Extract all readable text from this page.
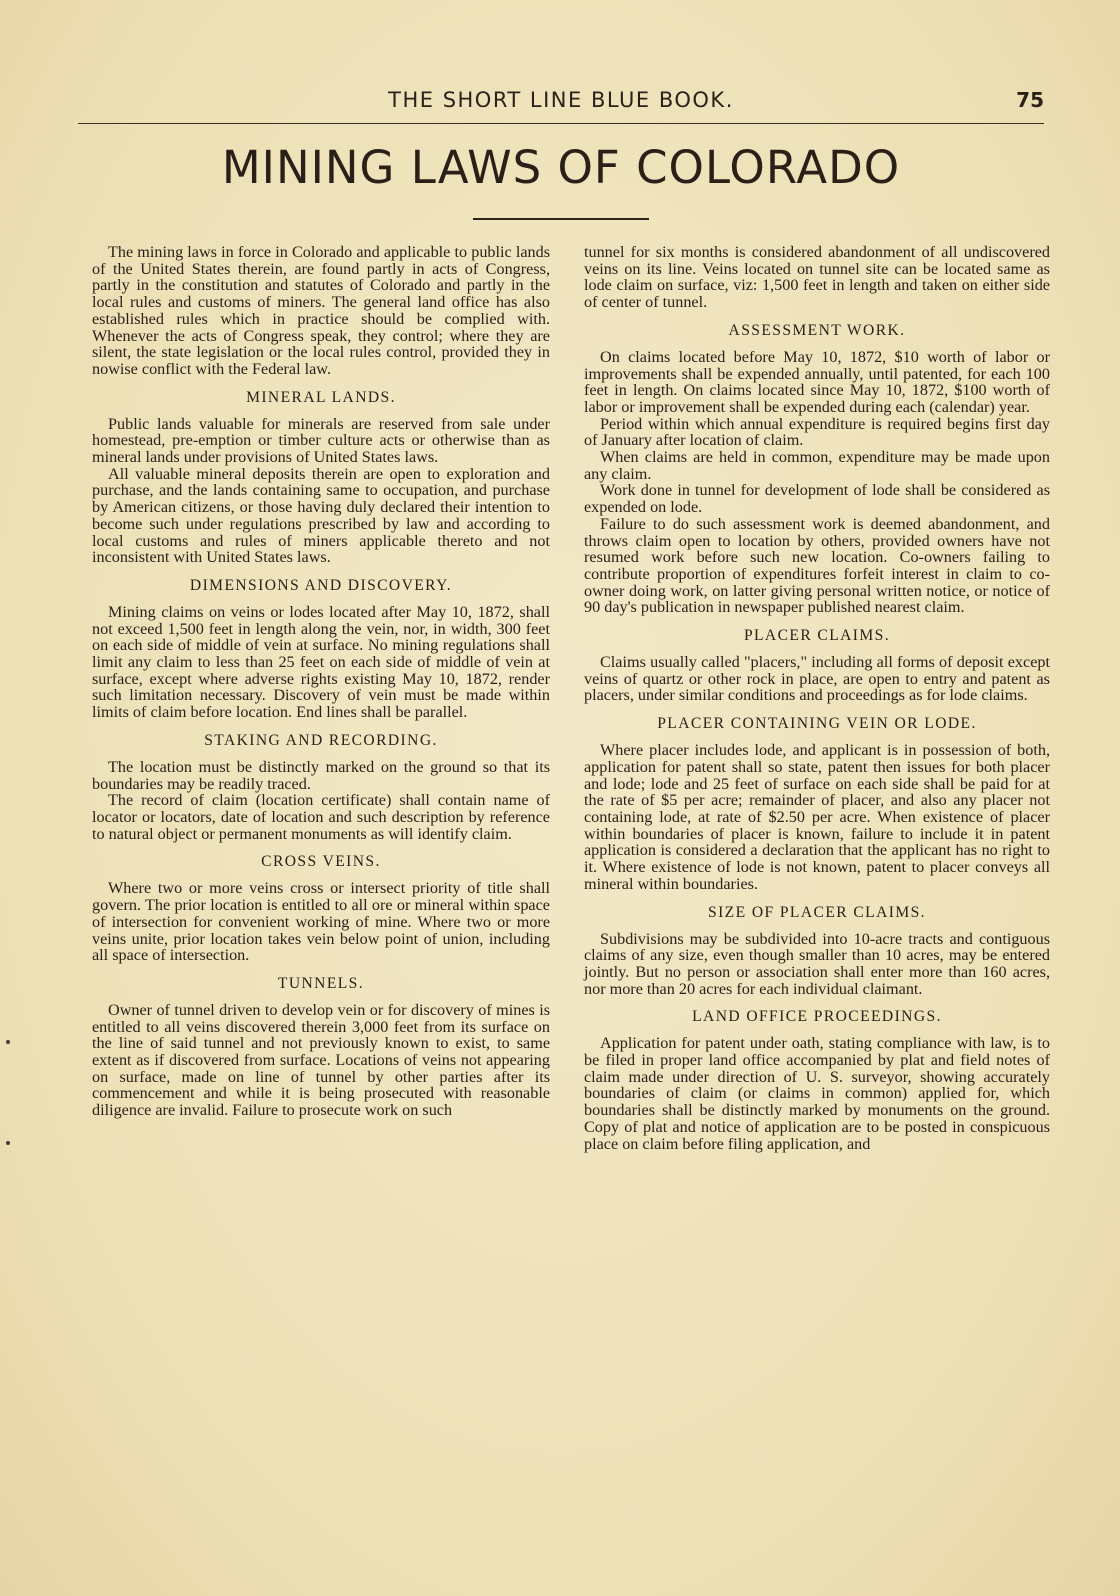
THE SHORT LINE BLUE BOOK.	75
MINING LAWS OF COLORADO

The mining laws in force in Colorado and applicable to public lands of the United States therein, are found partly in acts of Congress, partly in the constitution and statutes of Colorado and partly in the local rules and customs of miners. The general land office has also established rules which in practice should be complied with. Whenever the acts of Congress speak, they control; where they are silent, the state legislation or the local rules control, provided they in nowise conflict with the Federal law.

MINERAL LANDS.

Public lands valuable for minerals are reserved from sale under homestead, pre-emption or timber culture acts or otherwise than as mineral lands under provisions of United States laws.

All valuable mineral deposits therein are open to exploration and purchase, and the lands containing same to occupation, and purchase by American citizens, or those having duly declared their intention to become such under regulations prescribed by law and according to local customs and rules of miners applicable thereto and not inconsistent with United States laws.

DIMENSIONS AND DISCOVERY.

Mining claims on veins or lodes located after May 10, 1872, shall not exceed 1,500 feet in length along the vein, nor, in width, 300 feet on each side of middle of vein at surface. No mining regulations shall limit any claim to less than 25 feet on each side of middle of vein at surface, except where adverse rights existing May 10, 1872, render such limitation necessary. Discovery of vein must be made within limits of claim before location. End lines shall be parallel.

STAKING AND RECORDING.

The location must be distinctly marked on the ground so that its boundaries may be readily traced.

The record of claim (location certificate) shall contain name of locator or locators, date of location and such description by reference to natural object or permanent monuments as will identify claim.

CROSS VEINS.

Where two or more veins cross or intersect priority of title shall govern. The prior location is entitled to all ore or mineral within space of intersection for convenient working of mine. Where two or more veins unite, prior location takes vein below point of union, including all space of intersection.

TUNNELS.

Owner of tunnel driven to develop vein or for discovery of mines is entitled to all veins discovered therein 3,000 feet from its surface on the line of said tunnel and not previously known to exist, to same extent as if discovered from surface. Locations of veins not appearing on surface, made on line of tunnel by other parties after its commencement and while it is being prosecuted with reasonable diligence are invalid. Failure to prosecute work on such

tunnel for six months is considered abandonment of all undiscovered veins on its line. Veins located on tunnel site can be located same as lode claim on surface, viz: 1,500 feet in length and taken on either side of center of tunnel.

ASSESSMENT WORK.

On claims located before May 10, 1872, $10 worth of labor or improvements shall be expended annually, until patented, for each 100 feet in length. On claims located since May 10, 1872, $100 worth of labor or improvement shall be expended during each (calendar) year.

Period within which annual expenditure is required begins first day of January after location of claim.

When claims are held in common, expenditure may be made upon any claim.

Work done in tunnel for development of lode shall be considered as expended on lode.

Failure to do such assessment work is deemed abandonment, and throws claim open to location by others, provided owners have not resumed work before such new location. Co-owners failing to contribute proportion of expenditures forfeit interest in claim to co-owner doing work, on latter giving personal written notice, or notice of 90 day's publication in newspaper published nearest claim.

PLACER CLAIMS.

Claims usually called "placers," including all forms of deposit except veins of quartz or other rock in place, are open to entry and patent as placers, under similar conditions and proceedings as for lode claims.

PLACER CONTAINING VEIN OR LODE.

Where placer includes lode, and applicant is in possession of both, application for patent shall so state, patent then issues for both placer and lode; lode and 25 feet of surface on each side shall be paid for at the rate of $5 per acre; remainder of placer, and also any placer not containing lode, at rate of $2.50 per acre. When existence of placer within boundaries of placer is known, failure to include it in patent application is considered a declaration that the applicant has no right to it. Where existence of lode is not known, patent to placer conveys all mineral within boundaries.

SIZE OF PLACER CLAIMS.

Subdivisions may be subdivided into 10-acre tracts and contiguous claims of any size, even though smaller than 10 acres, may be entered jointly. But no person or association shall enter more than 160 acres, nor more than 20 acres for each individual claimant.

LAND OFFICE PROCEEDINGS.

Application for patent under oath, stating compliance with law, is to be filed in proper land office accompanied by plat and field notes of claim made under direction of U. S. surveyor, showing accurately boundaries of claim (or claims in common) applied for, which boundaries shall be distinctly marked by monuments on the ground. Copy of plat and notice of application are to be posted in conspicuous place on claim before filing application, and
